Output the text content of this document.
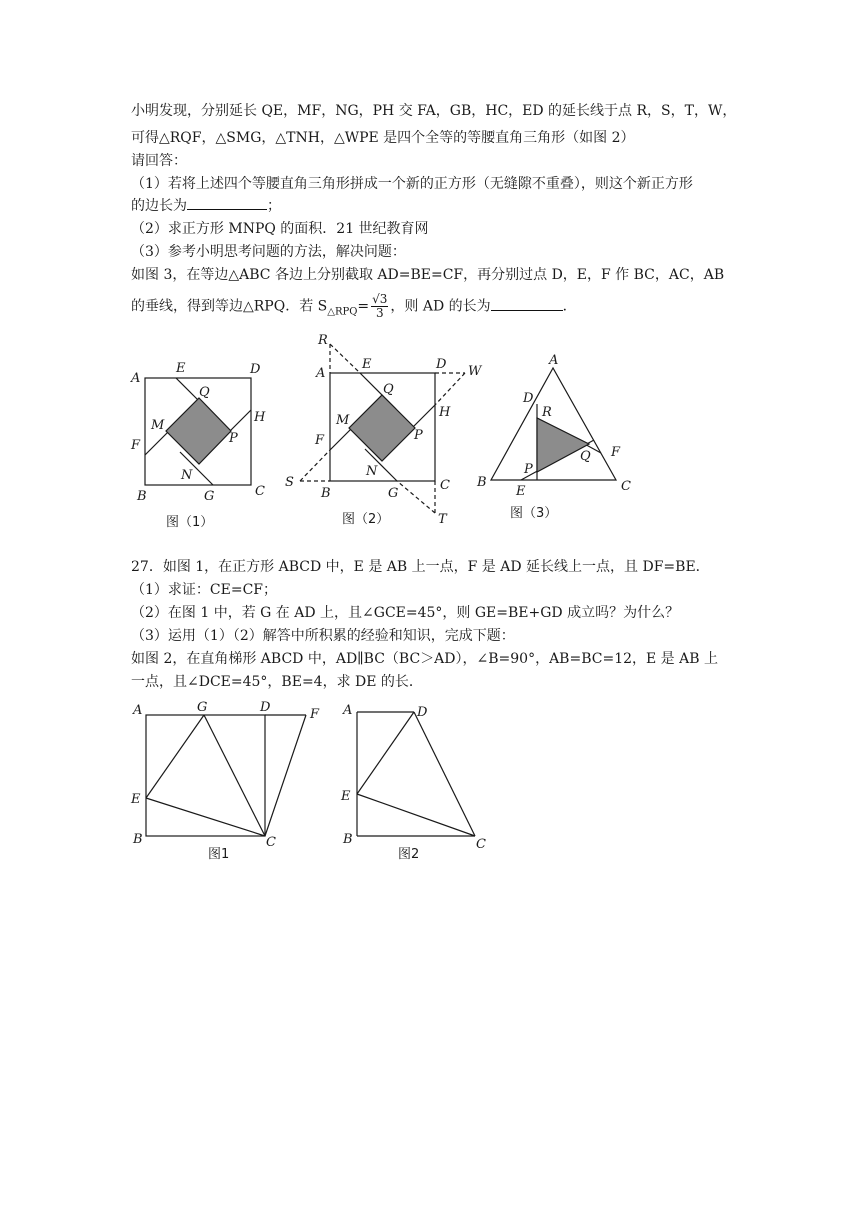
小明发现，分别延长 QE，MF，NG，PH 交 FA，GB，HC，ED 的延长线于点 R，S，T，W，
可得△RQF，△SMG，△TNH，△WPE 是四个全等的等腰直角三角形（如图 2）
请回答：
（1）若将上述四个等腰直角三角形拼成一个新的正方形（无缝隙不重叠），则这个新正方形
的边长为	；
（2）求正方形 MNPQ 的面积．21 世纪教育网
（3）参考小明思考问题的方法，解决问题：
如图 3，在等边△ABC 各边上分别截取 AD=BE=CF，再分别过点 D，E，F 作 BC，AC，AB
的垂线，得到等边△RPQ．若 $S_{\triangle RPQ}= \frac{√3}{3}$ ，则 AD 的长为	．
A
E	D
Q
M
H
P
F
N
B	G	C
图（1）
R
A
E	D W
Q
M
H
P
F
N
S
B	G
C
T
图（2）
A
D
R
Q F
P
B
E	C
图（3）
27．如图 1，在正方形 ABCD 中，E 是 AB 上一点，F 是 AD 延长线上一点，且 DF=BE．
（1）求证：CE=CF；
（2）在图 1 中，若 G 在 AD 上，且∠GCE=45°，则 GE=BE+GD 成立吗？为什么？
（3）运用（1）（2）解答中所积累的经验和知识，完成下题：
如图 2，在直角梯形 ABCD 中，AD∥BC（BC＞AD），∠B=90°，AB=BC=12，E 是 AB 上
一点，且∠DCE=45°，BE=4，求 DE 的长．
A	G	D	F
E
B	C
图1
A	D
E
B	C
图2
